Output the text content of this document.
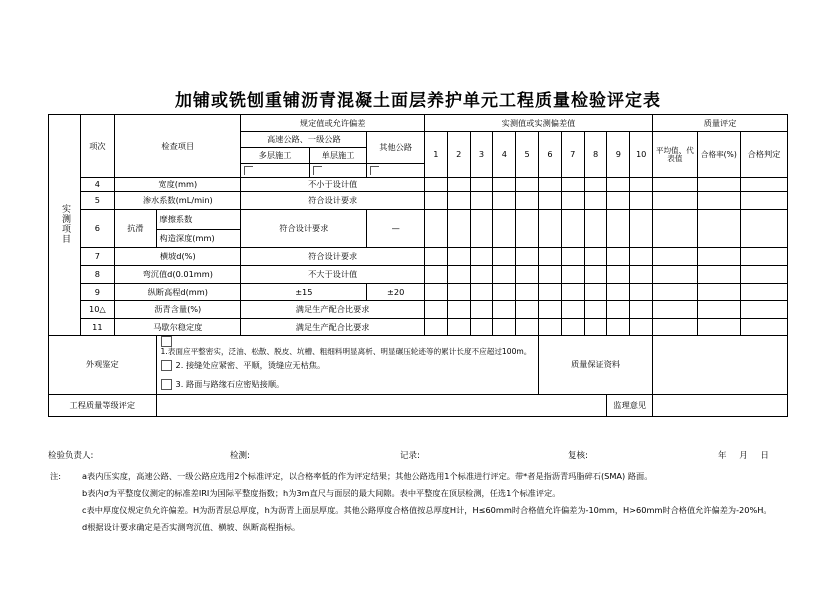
加铺或铣刨重铺沥青混凝土面层养护单元工程质量检验评定表
实测项目	项次	检查项目		规定值或允许偏差			实测值或实测偏差值										质量评定		
				高速公路、一级公路		其他公路	1	2	3	4	5	6	7	8	9	10	平均值、代表值	合格率(%)	合格判定
				多层施工	单层施工														

	4	宽度(mm)		不小于设计值															
	5	渗水系数(mL/min)		符合设计要求															
	6	抗滑	摩擦系数	符合设计要求		—													
			构造深度(mm)																
	7	横坡d(%)		符合设计要求															
	8	弯沉值d(0.01mm)		不大于设计值															
	9	纵断高程d(mm)		±15		±20													
	10△	沥青含量(%)		满足生产配合比要求															
	11	马歇尔稳定度		满足生产配合比要求															
外观鉴定			1.表面应平整密实，泛油、松散、脱皮、坑槽、粗细料明显离析、明显碾压轮迹等的累计长度不应超过100m。									质量保证资料							
			2. 接缝处应紧密、平顺，烫缝应无枯焦。																
			3. 路面与路缘石应密贴接顺。																
工程质量等级评定															监理意见				
检验负责人:	检测:	记录:	复核:	年 月 日
注:	a表内压实度，高速公路、一级公路应选用2个标准评定，以合格率低的作为评定结果；其他公路选用1个标准进行评定。带*者是指沥青玛脂碎石(SMA) 路面。

b表内σ为平整度仪测定的标准差IRI为国际平整度指数；h为3m直尺与面层的最大间隙。表中平整度在顶层检测，任选1个标准评定。

c表中厚度仪规定负允许偏差。H为沥青层总厚度，h为沥青上面层厚度。其他公路厚度合格值按总厚度H计，H≤60mm时合格值允许偏差为-10mm，H>60mm时合格值允许偏差为-20%H。

d根据设计要求确定是否实测弯沉值、横坡、纵断高程指标。
